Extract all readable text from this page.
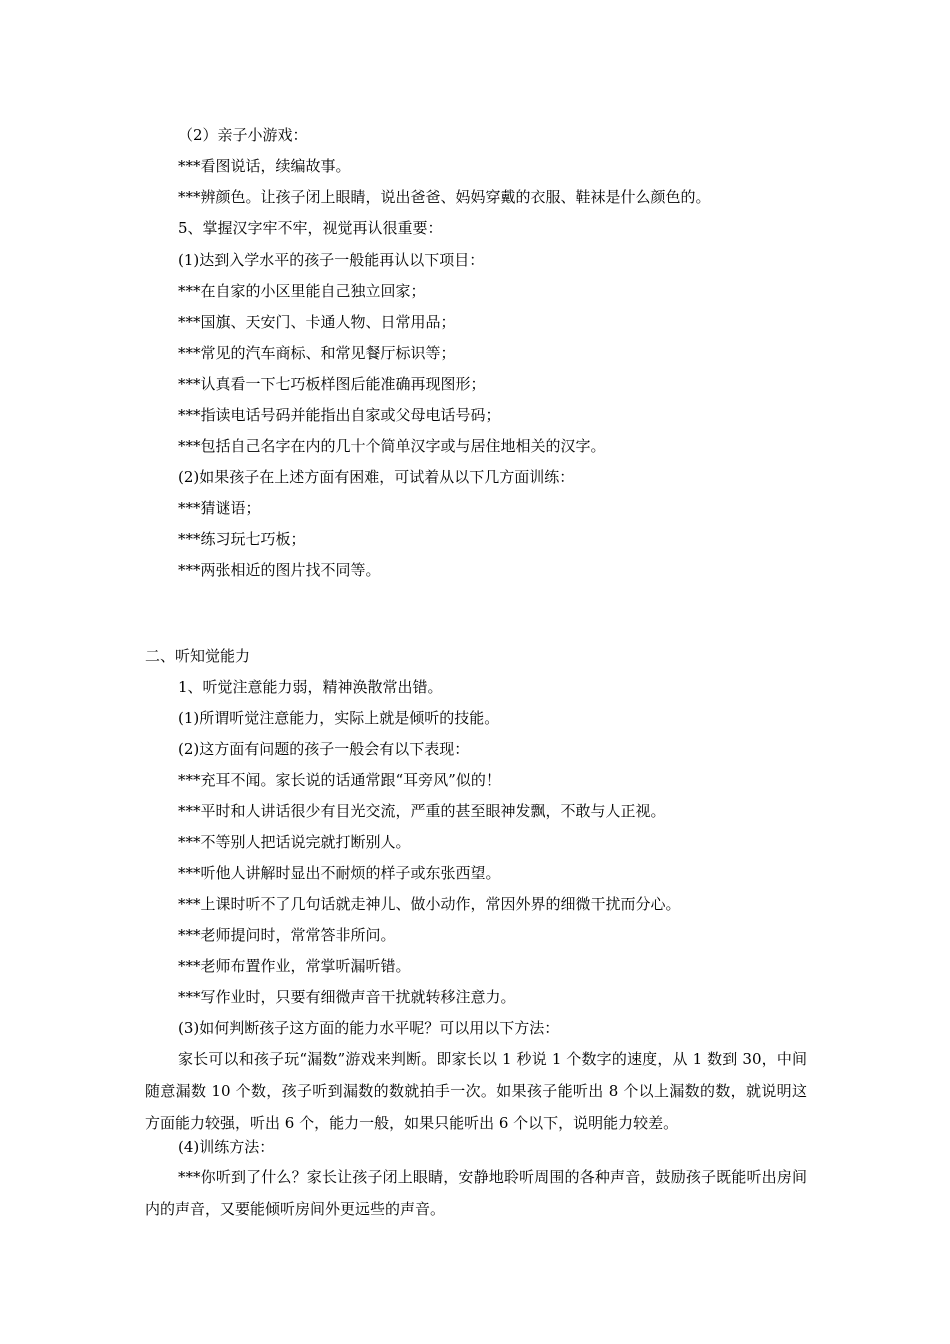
（2）亲子小游戏：
***看图说话，续编故事。
***辨颜色。让孩子闭上眼睛，说出爸爸、妈妈穿戴的衣服、鞋袜是什么颜色的。
5、掌握汉字牢不牢，视觉再认很重要：
(1)达到入学水平的孩子一般能再认以下项目：
***在自家的小区里能自己独立回家；
***国旗、天安门、卡通人物、日常用品；
***常见的汽车商标、和常见餐厅标识等；
***认真看一下七巧板样图后能准确再现图形；
***指读电话号码并能指出自家或父母电话号码；
***包括自己名字在内的几十个简单汉字或与居住地相关的汉字。
(2)如果孩子在上述方面有困难，可试着从以下几方面训练：
***猜谜语；
***练习玩七巧板；
***两张相近的图片找不同等。
二、听知觉能力
1、听觉注意能力弱，精神涣散常出错。
(1)所谓听觉注意能力，实际上就是倾听的技能。
(2)这方面有问题的孩子一般会有以下表现：
***充耳不闻。家长说的话通常跟“耳旁风”似的！
***平时和人讲话很少有目光交流，严重的甚至眼神发飘，不敢与人正视。
***不等别人把话说完就打断别人。
***听他人讲解时显出不耐烦的样子或东张西望。
***上课时听不了几句话就走神儿、做小动作，常因外界的细微干扰而分心。
***老师提问时，常常答非所问。
***老师布置作业，常掌听漏听错。
***写作业时，只要有细微声音干扰就转移注意力。
(3)如何判断孩子这方面的能力水平呢？可以用以下方法：
家长可以和孩子玩“漏数”游戏来判断。即家长以 1 秒说 1 个数字的速度，从 1 数到 30，中间随意漏数 10 个数，孩子听到漏数的数就拍手一次。如果孩子能听出 8 个以上漏数的数，就说明这方面能力较强，听出 6 个，能力一般，如果只能听出 6 个以下，说明能力较差。
(4)训练方法：
***你听到了什么？家长让孩子闭上眼睛，安静地聆听周围的各种声音，鼓励孩子既能听出房间内的声音，又要能倾听房间外更远些的声音。
